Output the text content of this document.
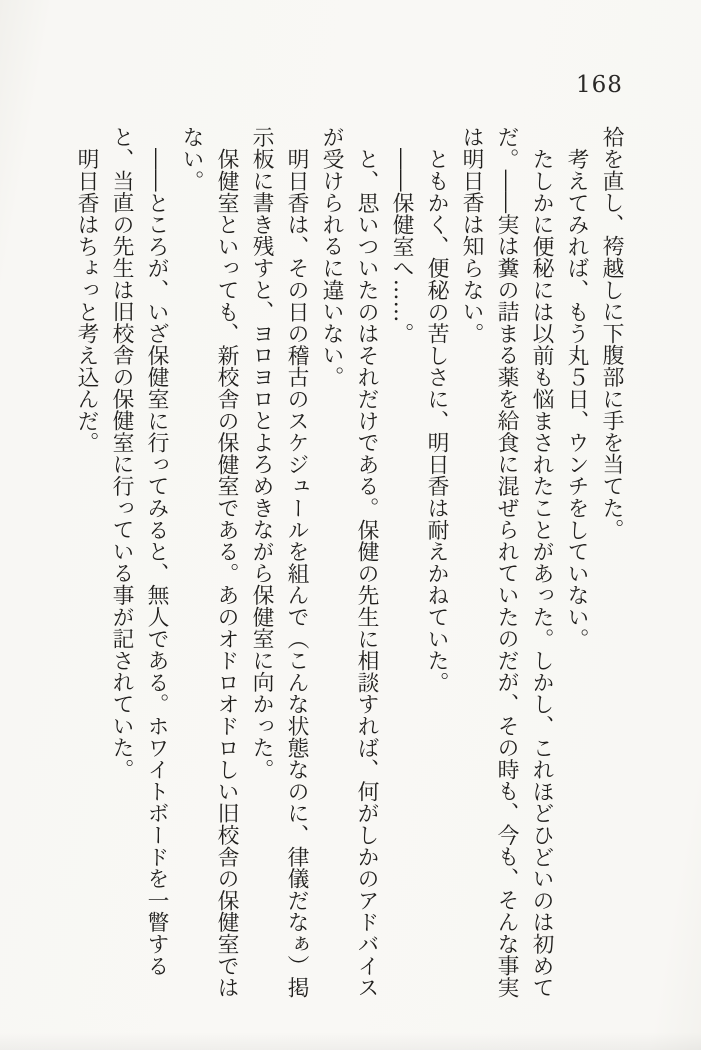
168

袷を直し、袴越しに下腹部に手を当てた。

考えてみれば、もう丸５日、ウンチをしていない。

たしかに便秘には以前も悩まされたことがあった。しかし、これほどひどいのは初めてだ。――実は糞の詰まる薬を給食に混ぜられていたのだが、その時も、今も、そんな事実は明日香は知らない。

ともかく、便秘の苦しさに、明日香は耐えかねていた。

――保健室へ……。

と、思いついたのはそれだけである。保健の先生に相談すれば、何がしかのアドバイスが受けられるに違いない。

明日香は、その日の稽古のスケジュールを組んで（こんな状態なのに、律儀だなぁ）掲示板に書き残すと、ヨロヨロとよろめきながら保健室に向かった。

保健室といっても、新校舎の保健室である。あのオドロオドロしい旧校舎の保健室ではない。

――ところが、いざ保健室に行ってみると、無人である。ホワイトボードを一瞥すると、当直の先生は旧校舎の保健室に行っている事が記されていた。

明日香はちょっと考え込んだ。
